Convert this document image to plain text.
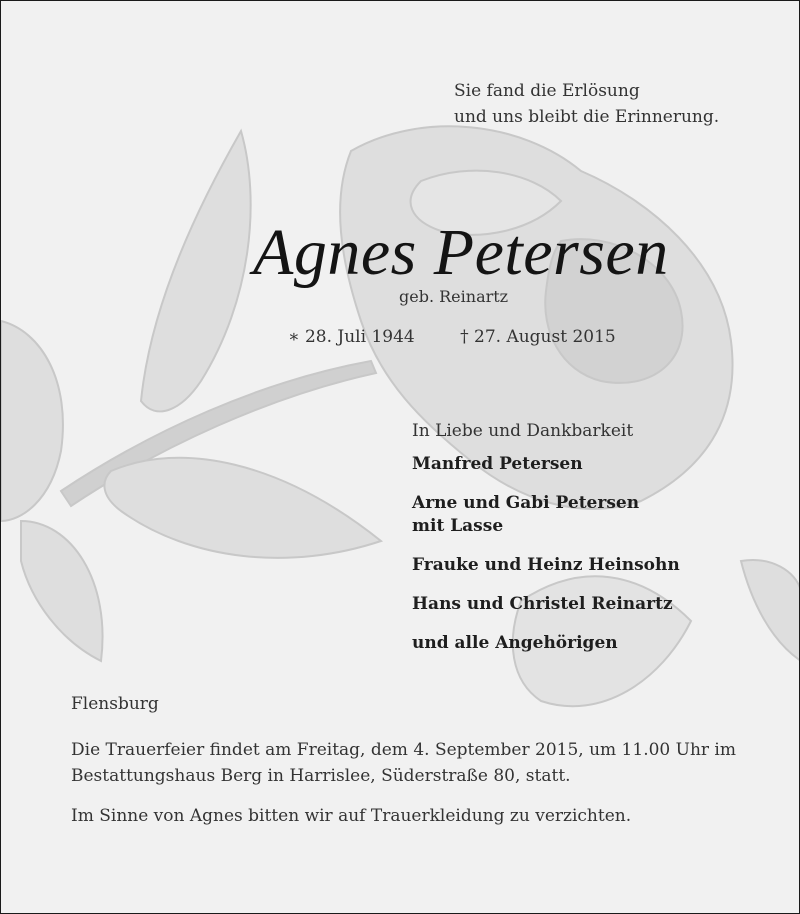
Sie fand die Erlösung
und uns bleibt die Erinnerung.
Agnes Petersen
geb. Reinartz
∗ 28. Juli 1944	† 27. August 2015
In Liebe und Dankbarkeit
Manfred Petersen
Arne und Gabi Petersen
mit Lasse
Frauke und Heinz Heinsohn
Hans und Christel Reinartz
und alle Angehörigen
Flensburg
Die Trauerfeier findet am Freitag, dem 4. September 2015, um 11.00 Uhr im
Bestattungshaus Berg in Harrislee, Süderstraße 80, statt.
Im Sinne von Agnes bitten wir auf Trauerkleidung zu verzichten.
